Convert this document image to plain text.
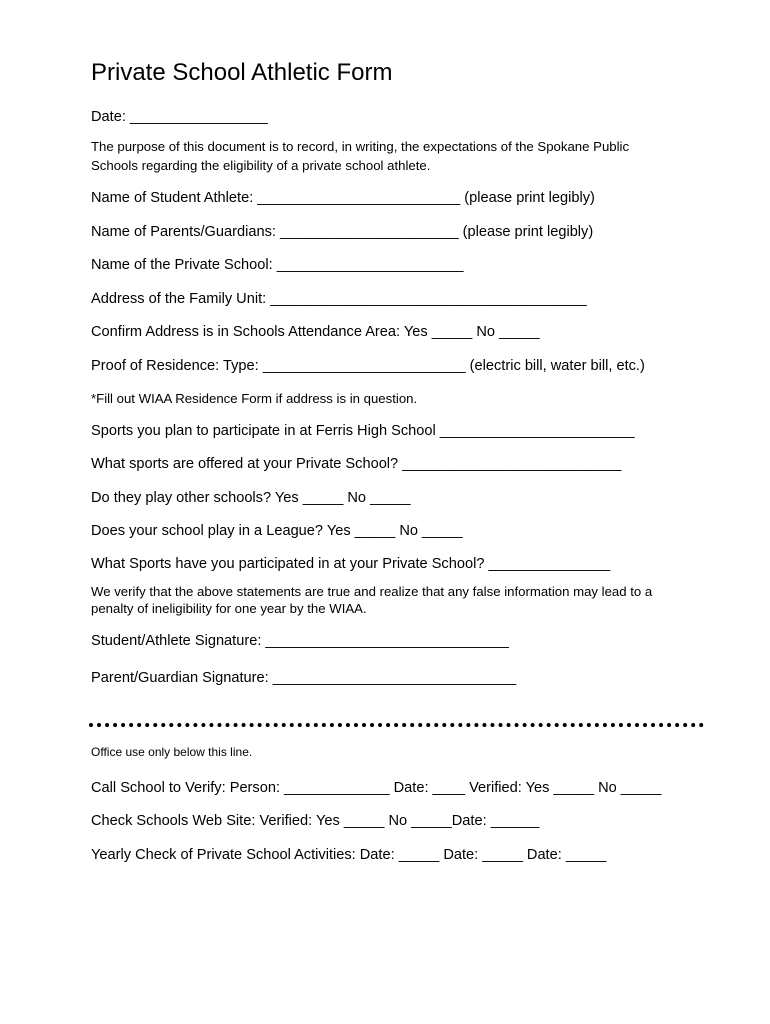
Private School Athletic Form
Date: _________________
The purpose of this document is to record, in writing, the expectations of the Spokane Public
Schools regarding the eligibility of a private school athlete.
Name of Student Athlete: _________________________ (please print legibly)
Name of Parents/Guardians: ______________________ (please print legibly)
Name of the Private School: _______________________
Address of the Family Unit: _______________________________________
Confirm Address is in Schools Attendance Area: Yes _____ No _____
Proof of Residence: Type: _________________________ (electric bill, water bill, etc.)
*Fill out WIAA Residence Form if address is in question.
Sports you plan to participate in at Ferris High School ________________________
What sports are offered at your Private School? ___________________________
Do they play other schools? Yes _____ No _____
Does your school play in a League? Yes _____ No _____
What Sports have you participated in at your Private School? _______________
We verify that the above statements are true and realize that any false information may lead to a
penalty of ineligibility for one year by the WIAA.
Student/Athlete Signature: ______________________________
Parent/Guardian Signature: ______________________________
Office use only below this line.
Call School to Verify: Person: _____________ Date: ____ Verified: Yes _____ No _____
Check Schools Web Site: Verified: Yes _____ No _____Date: ______
Yearly Check of Private School Activities: Date: _____ Date: _____ Date: _____
